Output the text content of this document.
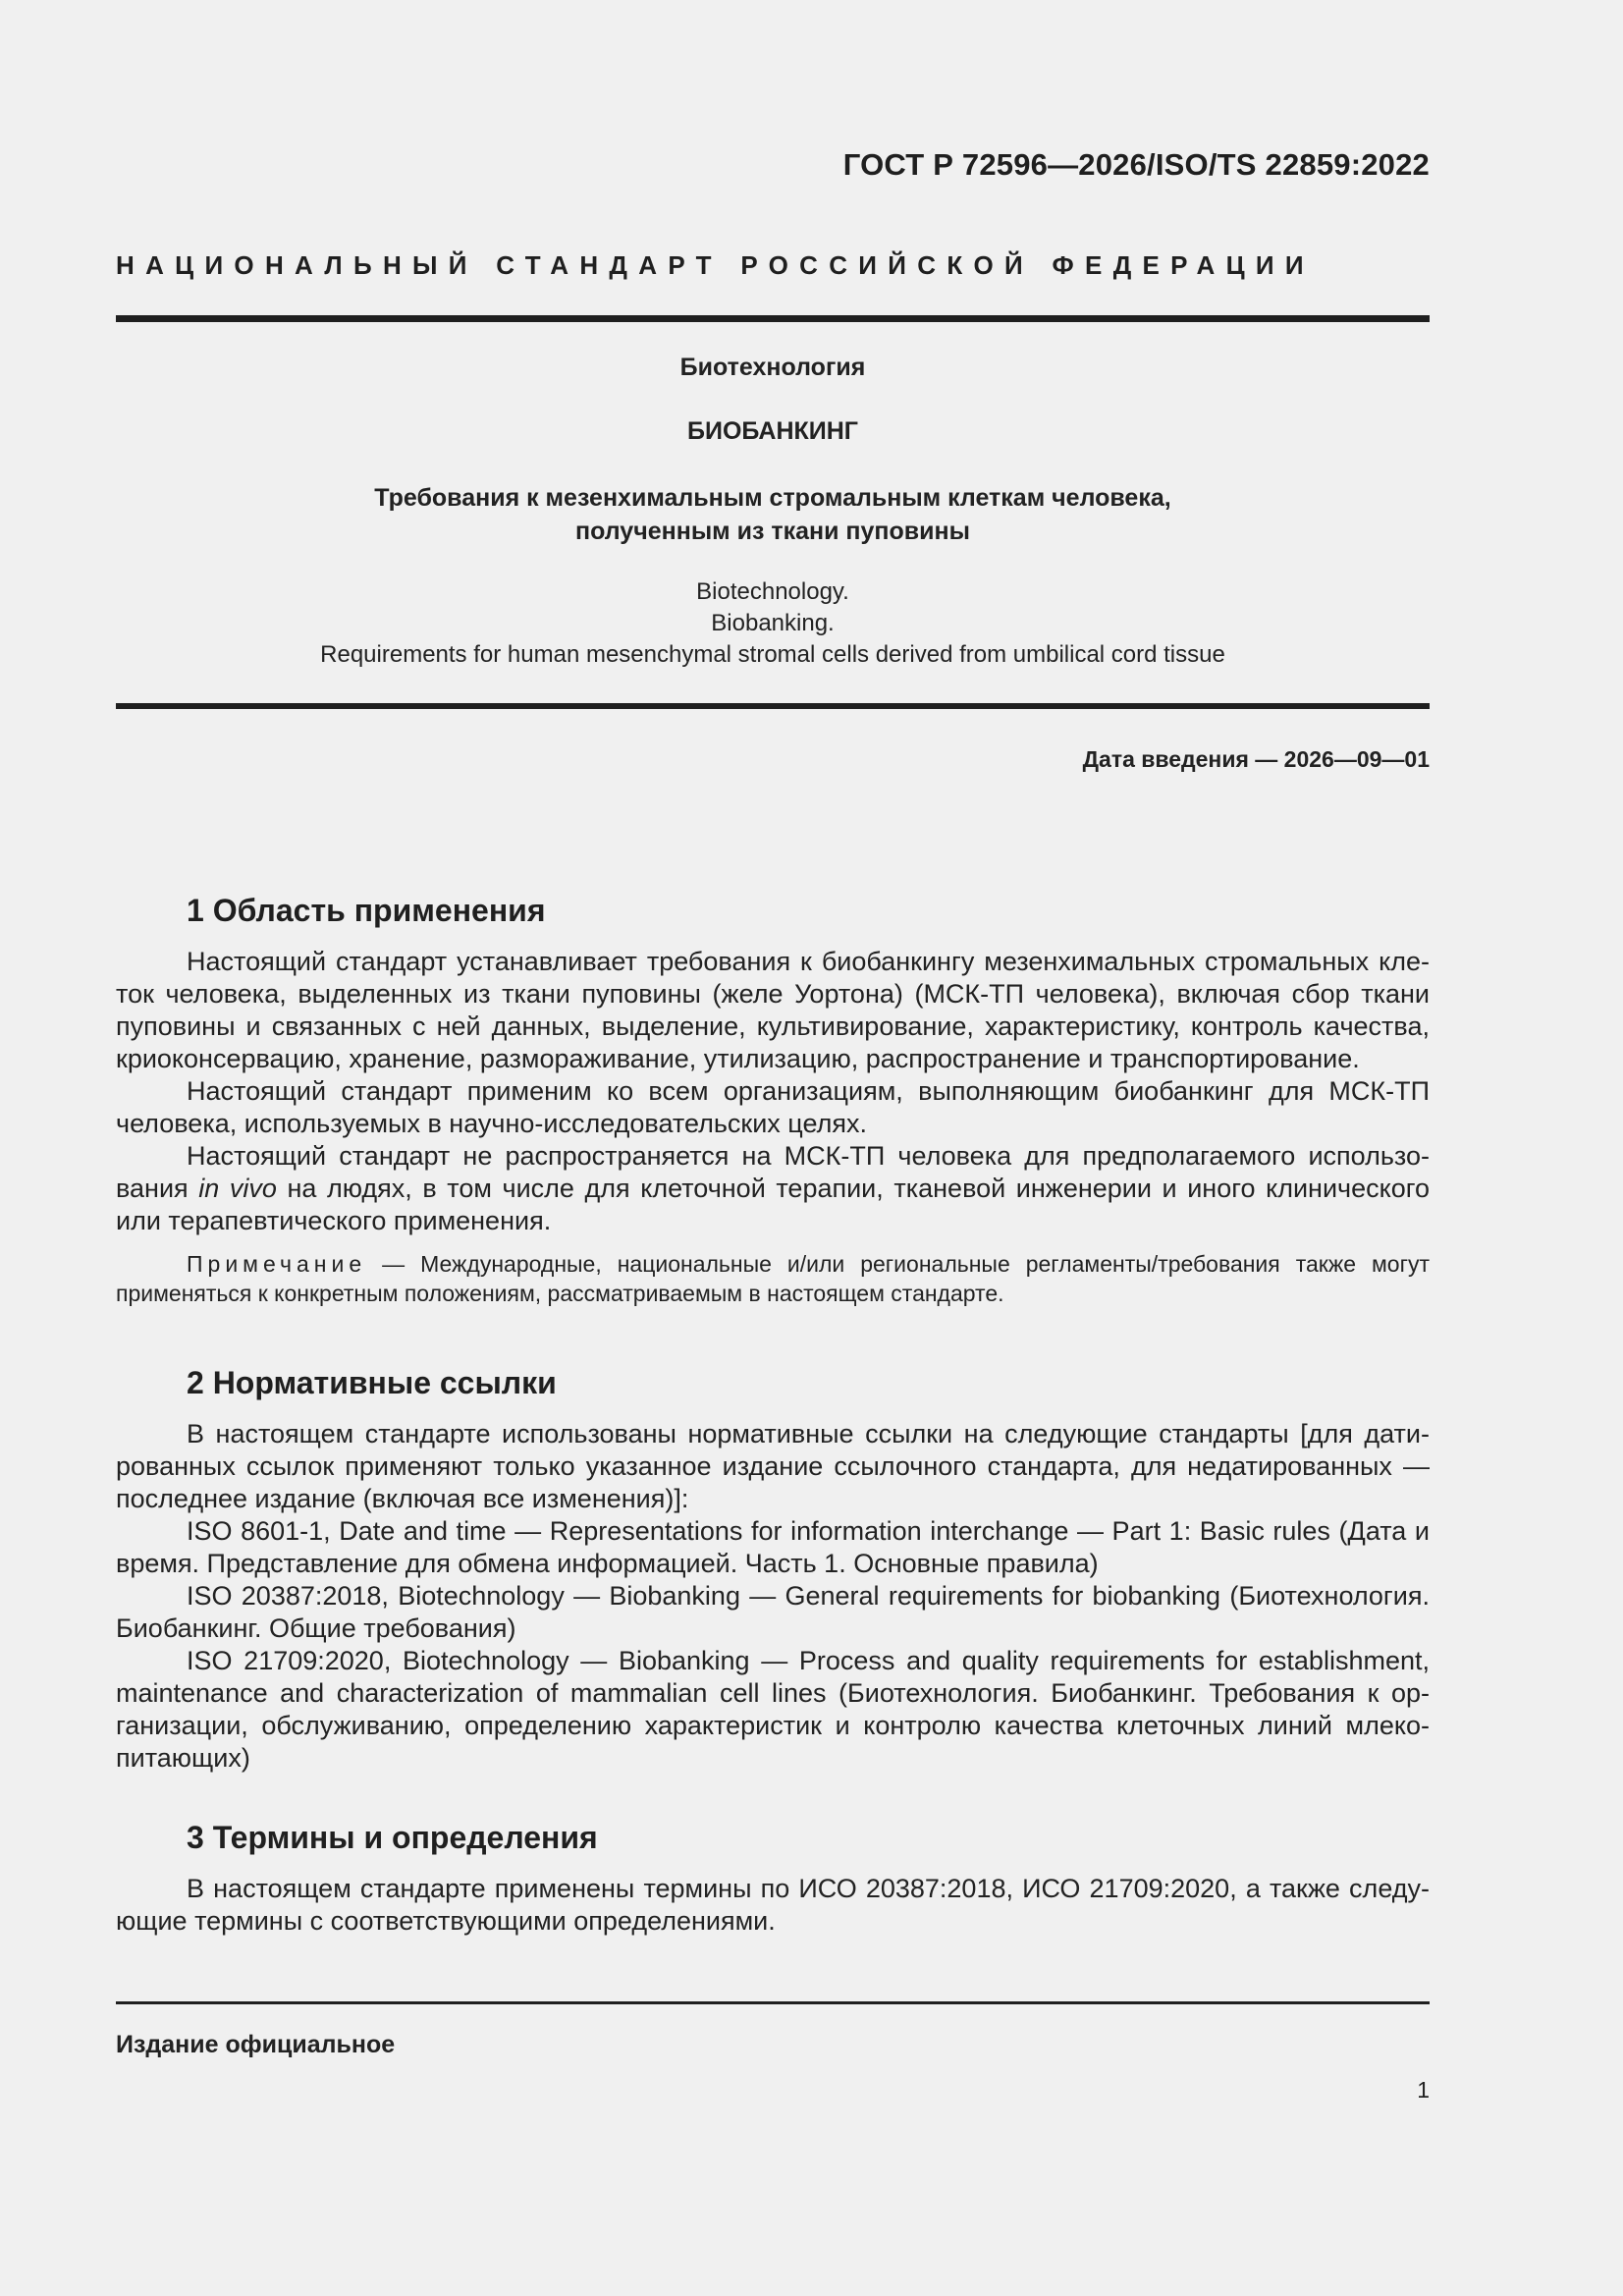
ГОСТ Р 72596—2026/ISO/TS 22859:2022
НАЦИОНАЛЬНЫЙ СТАНДАРТ РОССИЙСКОЙ ФЕДЕРАЦИИ
Биотехнология
БИОБАНКИНГ
Требования к мезенхимальным стромальным клеткам человека,
полученным из ткани пуповины
Biotechnology.
Biobanking.
Requirements for human mesenchymal stromal cells derived from umbilical cord tissue
Дата введения — 2026—09—01
1 Область применения

Настоящий стандарт устанавливает требования к биобанкингу мезенхимальных стромальных клеток человека, выделенных из ткани пуповины (желе Уортона) (МСК-ТП человека), включая сбор ткани пуповины и связанных с ней данных, выделение, культивирование, характеристику, контроль качества, криоконсервацию, хранение, размораживание, утилизацию, распространение и транспортирование.

Настоящий стандарт применим ко всем организациям, выполняющим биобанкинг для МСК-ТП человека, используемых в научно-исследовательских целях.

Настоящий стандарт не распространяется на МСК-ТП человека для предполагаемого использования in vivo на людях, в том числе для клеточной терапии, тканевой инженерии и иного клинического или терапевтического применения.

Примечание — Международные, национальные и/или региональные регламенты/требования также могут применяться к конкретным положениям, рассматриваемым в настоящем стандарте.

2 Нормативные ссылки

В настоящем стандарте использованы нормативные ссылки на следующие стандарты [для датированных ссылок применяют только указанное издание ссылочного стандарта, для недатированных — последнее издание (включая все изменения)]:

ISO 8601-1, Date and time — Representations for information interchange — Part 1: Basic rules (Дата и время. Представление для обмена информацией. Часть 1. Основные правила)

ISO 20387:2018, Biotechnology — Biobanking — General requirements for biobanking (Биотехнология. Биобанкинг. Общие требования)

ISO 21709:2020, Biotechnology — Biobanking — Process and quality requirements for establishment, maintenance and characterization of mammalian cell lines (Биотехнология. Биобанкинг. Требования к организации, обслуживанию, определению характеристик и контролю качества клеточных линий млекопитающих)

3 Термины и определения

В настоящем стандарте применены термины по ИСО 20387:2018, ИСО 21709:2020, а также следующие термины с соответствующими определениями.

Издание официальное
1
